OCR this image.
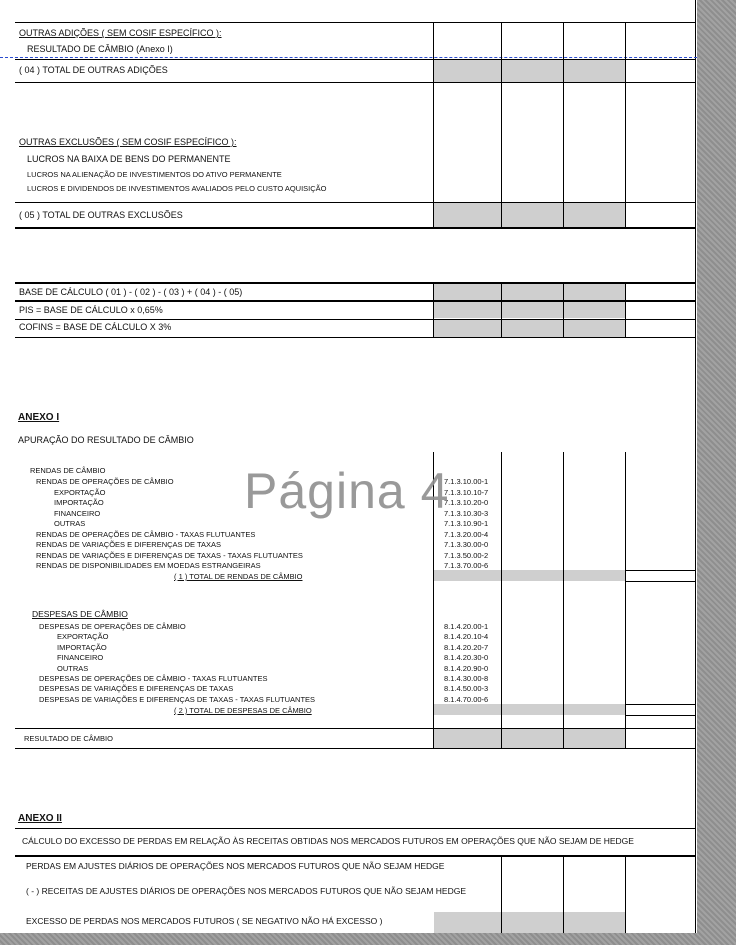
OUTRAS ADIÇÕES ( SEM COSIF ESPECÍFICO ):
RESULTADO DE CÂMBIO (Anexo I)
( 04 ) TOTAL DE OUTRAS ADIÇÕES
OUTRAS EXCLUSÕES ( SEM COSIF ESPECÍFICO ):
LUCROS NA BAIXA DE BENS DO PERMANENTE
LUCROS NA ALIENAÇÃO DE INVESTIMENTOS DO ATIVO PERMANENTE
LUCROS E DIVIDENDOS DE INVESTIMENTOS AVALIADOS PELO CUSTO AQUISIÇÃO
( 05 ) TOTAL DE OUTRAS EXCLUSÕES
BASE DE CÁLCULO ( 01 ) - ( 02 ) - ( 03 ) + ( 04 ) - ( 05)
PIS = BASE DE CÁLCULO x 0,65%
COFINS = BASE DE CÁLCULO X 3%
ANEXO I
APURAÇÃO DO RESULTADO DE CÂMBIO
RENDAS DE CÂMBIO
RENDAS DE OPERAÇÕES DE CÂMBIO	7.1.3.10.00-1
EXPORTAÇÃO	7.1.3.10.10-7
IMPORTAÇÃO	7.1.3.10.20-0
FINANCEIRO	7.1.3.10.30-3
OUTRAS	7.1.3.10.90-1
RENDAS DE OPERAÇÕES DE CÂMBIO - TAXAS FLUTUANTES	7.1.3.20.00-4
RENDAS DE VARIAÇÕES E DIFERENÇAS DE TAXAS	7.1.3.30.00-0
RENDAS DE VARIAÇÕES E DIFERENÇAS DE TAXAS - TAXAS FLUTUANTES	7.1.3.50.00-2
RENDAS DE DISPONIBILIDADES EM MOEDAS ESTRANGEIRAS	7.1.3.70.00-6
( 1 ) TOTAL DE RENDAS DE CÂMBIO
DESPESAS DE CÂMBIO
DESPESAS DE OPERAÇÕES DE CÂMBIO	8.1.4.20.00-1
EXPORTAÇÃO	8.1.4.20.10-4
IMPORTAÇÃO	8.1.4.20.20-7
FINANCEIRO	8.1.4.20.30-0
OUTRAS	8.1.4.20.90-0
DESPESAS DE OPERAÇÕES DE CÂMBIO - TAXAS FLUTUANTES	8.1.4.30.00-8
DESPESAS DE VARIAÇÕES E DIFERENÇAS DE TAXAS	8.1.4.50.00-3
DESPESAS DE VARIAÇÕES E DIFERENÇAS DE TAXAS - TAXAS FLUTUANTES	8.1.4.70.00-6
( 2 ) TOTAL DE DESPESAS DE CÂMBIO
RESULTADO DE CÂMBIO
ANEXO II
CÁLCULO DO EXCESSO DE PERDAS EM RELAÇÃO ÀS RECEITAS OBTIDAS NOS MERCADOS FUTUROS EM OPERAÇÕES QUE NÃO SEJAM DE HEDGE
PERDAS EM AJUSTES DIÁRIOS DE OPERAÇÕES NOS MERCADOS FUTUROS QUE NÃO SEJAM HEDGE
( - ) RECEITAS DE AJUSTES DIÁRIOS DE OPERAÇÕES NOS MERCADOS FUTUROS QUE NÃO SEJAM HEDGE
EXCESSO DE PERDAS NOS MERCADOS FUTUROS ( SE NEGATIVO NÃO HÁ EXCESSO )
Página 4
